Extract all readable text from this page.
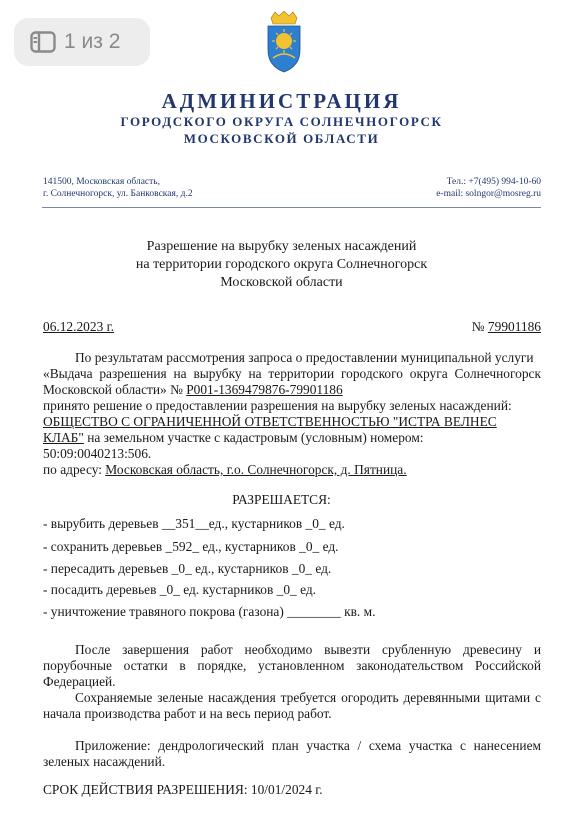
1 из 2
АДМИНИСТРАЦИЯ
ГОРОДСКОГО ОКРУГА СОЛНЕЧНОГОРСК
МОСКОВСКОЙ ОБЛАСТИ
141500, Московская область,
г. Солнечногорск, ул. Банковская, д.2
Тел.: +7(495) 994-10-60
e-mail: solngor@mosreg.ru
Разрешение на вырубку зеленых насаждений
на территории городского округа Солнечногорск
Московской области
06.12.2023 г.	№ 79901186
По результатам рассмотрения запроса о предоставлении муниципальной услуги
«Выдача разрешения на вырубку на территории городского округа Солнечногорск
Московской области» № Р001-1369479876-79901186
принято решение о предоставлении разрешения на вырубку зеленых насаждений:
ОБЩЕСТВО С ОГРАНИЧЕННОЙ ОТВЕТСТВЕННОСТЬЮ "ИСТРА ВЕЛНЕС
КЛАБ" на земельном участке с кадастровым (условным) номером:
50:09:0040213:506.
по адресу: Московская область, г.о. Солнечногорск, д. Пятница.
РАЗРЕШАЕТСЯ:
- вырубить деревьев __351__ед., кустарников _0_ ед.
- сохранить деревьев _592_ ед., кустарников _0_ ед.
- пересадить деревьев _0_ ед., кустарников _0_ ед.
- посадить деревьев _0_ ед. кустарников _0_ ед.
- уничтожение травяного покрова (газона) ________ кв. м.
После завершения работ необходимо вывезти срубленную древесину и
порубочные остатки в порядке, установленном законодательством Российской
Федерацией.
Сохраняемые зеленые насаждения требуется огородить деревянными щитами с
начала производства работ и на весь период работ.
Приложение: дендрологический план участка / схема участка с нанесением
зеленых насаждений.
СРОК ДЕЙСТВИЯ РАЗРЕШЕНИЯ: 10/01/2024 г.
